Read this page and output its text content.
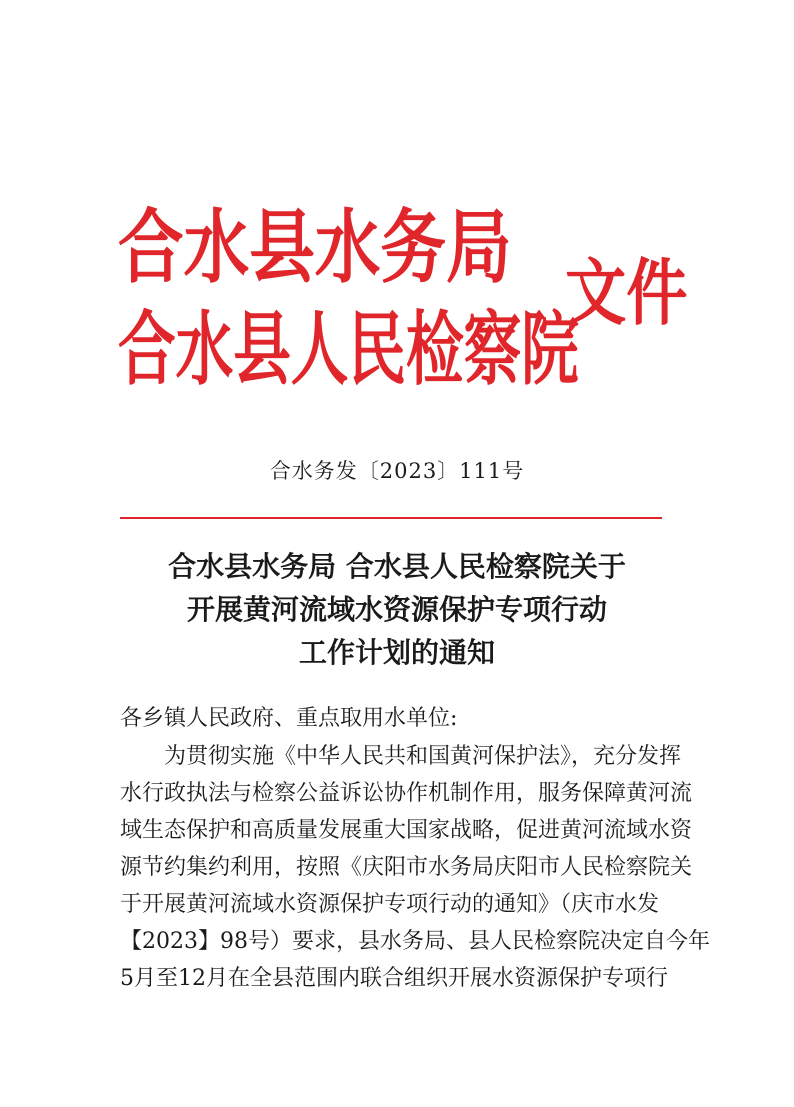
合水县水务局
合水县人民检察院
文件
合水务发〔2023〕111号
合水县水务局 合水县人民检察院关于
开展黄河流域水资源保护专项行动
工作计划的通知
各乡镇人民政府、重点取用水单位:
为贯彻实施《中华人民共和国黄河保护法》，充分发挥
水行政执法与检察公益诉讼协作机制作用，服务保障黄河流
域生态保护和高质量发展重大国家战略，促进黄河流域水资
源节约集约利用，按照《庆阳市水务局庆阳市人民检察院关
于开展黄河流域水资源保护专项行动的通知》（庆市水发
【2023】98号）要求，县水务局、县人民检察院决定自今年
5月至12月在全县范围内联合组织开展水资源保护专项行
